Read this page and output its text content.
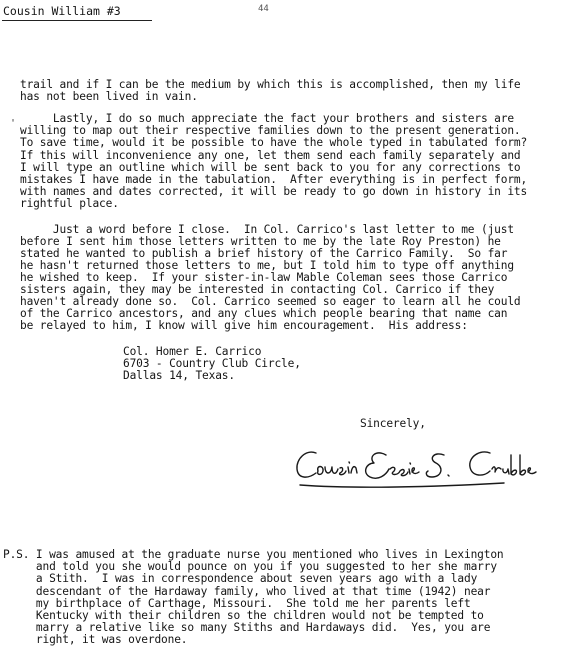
Cousin William #3	44
trail and if I can be the medium by which this is accomplished, then my life
has not been lived in vain.
' Lastly, I do so much appreciate the fact your brothers and sisters are
willing to map out their respective families down to the present generation.
To save time, would it be possible to have the whole typed in tabulated form?
If this will inconvenience any one, let them send each family separately and
I will type an outline which will be sent back to you for any corrections to
mistakes I have made in the tabulation.  After everything is in perfect form,
with names and dates corrected, it will be ready to go down in history in its
rightful place.
Just a word before I close.  In Col. Carrico's last letter to me (just
before I sent him those letters written to me by the late Roy Preston) he
stated he wanted to publish a brief history of the Carrico Family.  So far
he hasn't returned those letters to me, but I told him to type off anything
he wished to keep.  If your sister-in-law Mable Coleman sees those Carrico
sisters again, they may be interested in contacting Col. Carrico if they
haven't already done so.  Col. Carrico seemed so eager to learn all he could
of the Carrico ancestors, and any clues which people bearing that name can
be relayed to him, I know will give him encouragement.  His address:
Col. Homer E. Carrico
6703 - Country Club Circle,
Dallas 14, Texas.
Sincerely,
P.S. I was amused at the graduate nurse you mentioned who lives in Lexington
and told you she would pounce on you if you suggested to her she marry
a Stith.  I was in correspondence about seven years ago with a lady
descendant of the Hardaway family, who lived at that time (1942) near
my birthplace of Carthage, Missouri.  She told me her parents left
Kentucky with their children so the children would not be tempted to
marry a relative like so many Stiths and Hardaways did.  Yes, you are
right, it was overdone.
